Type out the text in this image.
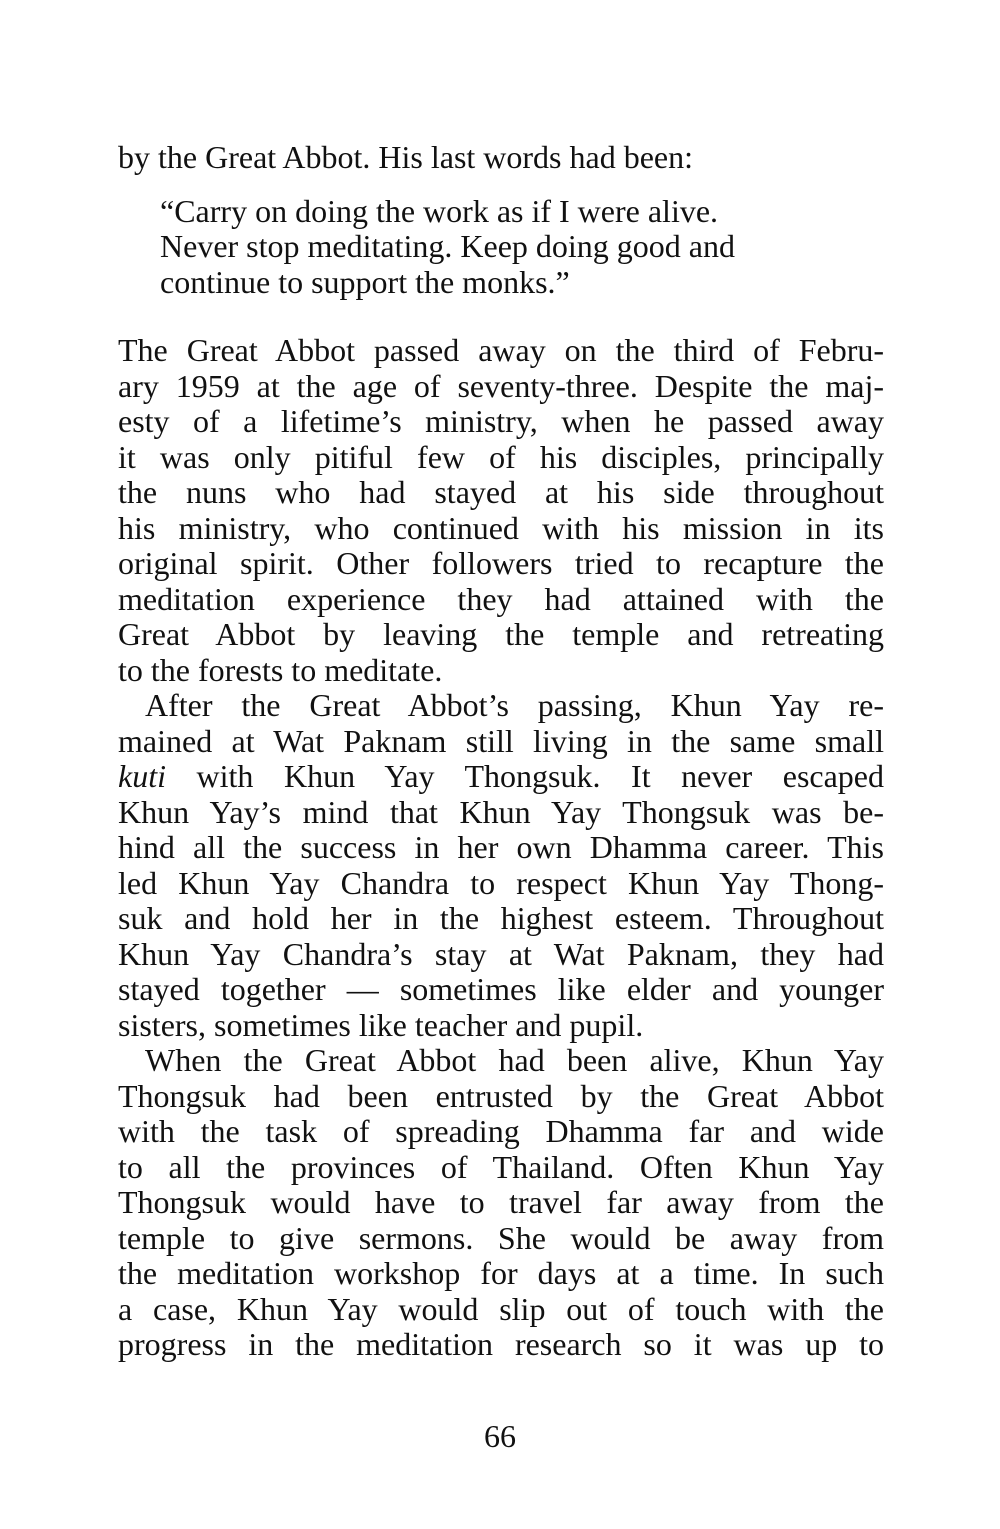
by the Great Abbot. His last words had been:
“Carry on doing the work as if I were alive.
Never stop meditating. Keep doing good and
continue to support the monks.”
The Great Abbot passed away on the third of Febru-
ary 1959 at the age of seventy-three. Despite the maj-
esty of a lifetime’s ministry, when he passed away
it was only pitiful few of his disciples, principally
the nuns who had stayed at his side throughout
his ministry, who continued with his mission in its
original spirit. Other followers tried to recapture the
meditation experience they had attained with the
Great Abbot by leaving the temple and retreating
to the forests to meditate.
After the Great Abbot’s passing, Khun Yay re-
mained at Wat Paknam still living in the same small
kuti with Khun Yay Thongsuk. It never escaped
Khun Yay’s mind that Khun Yay Thongsuk was be-
hind all the success in her own Dhamma career. This
led Khun Yay Chandra to respect Khun Yay Thong-
suk and hold her in the highest esteem. Throughout
Khun Yay Chandra’s stay at Wat Paknam, they had
stayed together — sometimes like elder and younger
sisters, sometimes like teacher and pupil.
When the Great Abbot had been alive, Khun Yay
Thongsuk had been entrusted by the Great Abbot
with the task of spreading Dhamma far and wide
to all the provinces of Thailand. Often Khun Yay
Thongsuk would have to travel far away from the
temple to give sermons. She would be away from
the meditation workshop for days at a time. In such
a case, Khun Yay would slip out of touch with the
progress in the meditation research so it was up to
66
